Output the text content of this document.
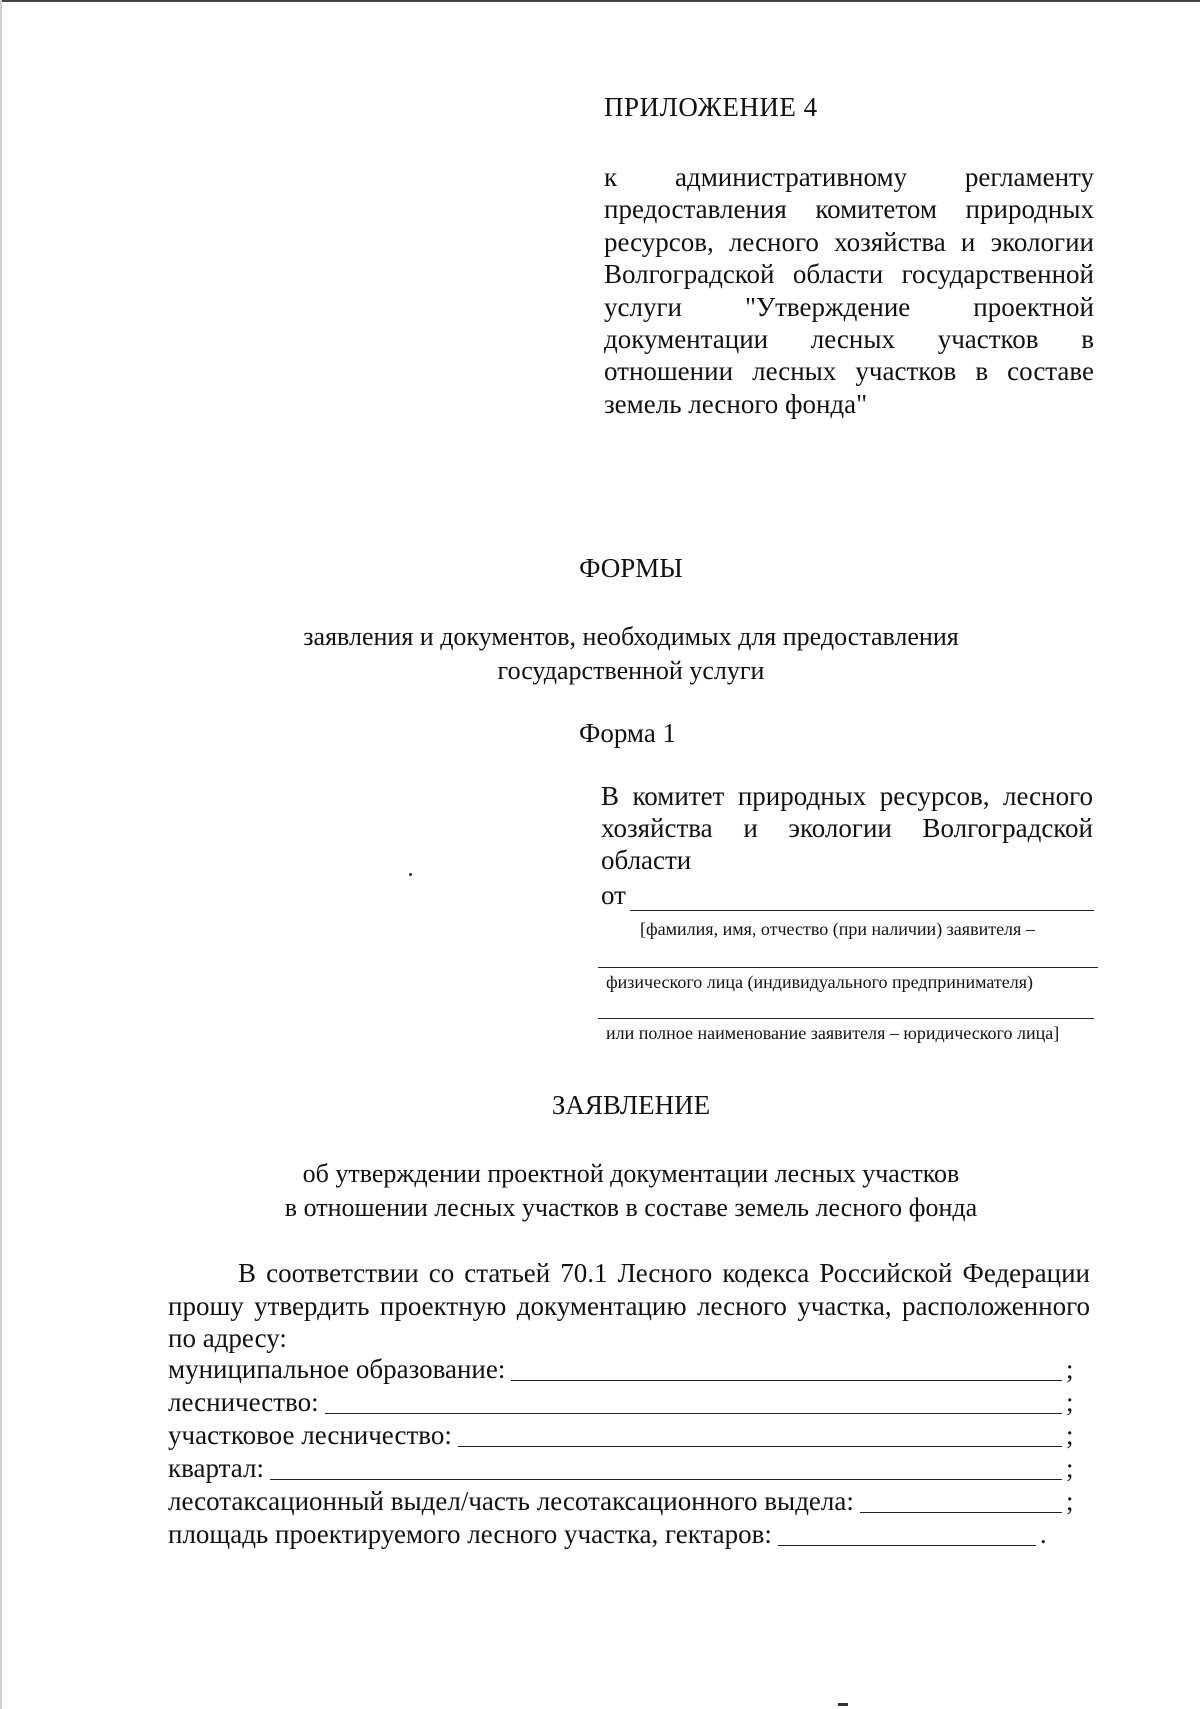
ПРИЛОЖЕНИЕ 4
к административному регламенту предоставления комитетом природных ресурсов, лесного хозяйства и экологии Волгоградской области государственной услуги "Утверждение проектной документации лесных участков в отношении лесных участков в составе земель лесного фонда"
ФОРМЫ
заявления и документов, необходимых для предоставления
государственной услуги
Форма 1
В комитет природных ресурсов, лесного хозяйства и экологии Волгоградской области
от
[фамилия, имя, отчество (при наличии) заявителя –
физического лица (индивидуального предпринимателя)
или полное наименование заявителя – юридического лица]
ЗАЯВЛЕНИЕ
об утверждении проектной документации лесных участков
в отношении лесных участков в составе земель лесного фонда
В соответствии со статьей 70.1 Лесного кодекса Российской Федерации прошу утвердить проектную документацию лесного участка, расположенного по адресу:
муниципальное образование:	;
лесничество:	;
участковое лесничество:	;
квартал:	;
лесотаксационный выдел/часть лесотаксационного выдела:	;
площадь проектируемого лесного участка, гектаров:	.
